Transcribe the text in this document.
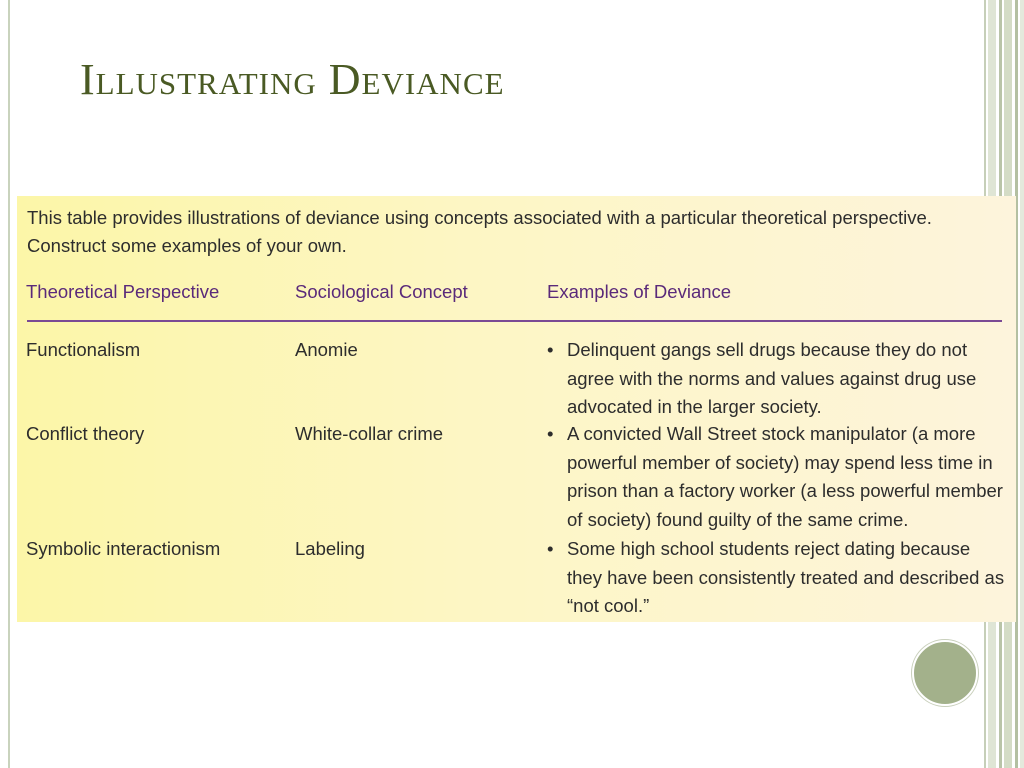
Illustrating Deviance
This table provides illustrations of deviance using concepts associated with a particular theoretical perspective. Construct some examples of your own.
Theoretical Perspective	Sociological Concept	Examples of Deviance
Functionalism	Anomie	• Delinquent gangs sell drugs because they do not agree with the norms and values against drug use advocated in the larger society.
Conflict theory	White-collar crime	• A convicted Wall Street stock manipulator (a more powerful member of society) may spend less time in prison than a factory worker (a less powerful member of society) found guilty of the same crime.
Symbolic interactionism	Labeling	• Some high school students reject dating because they have been consistently treated and described as “not cool.”
